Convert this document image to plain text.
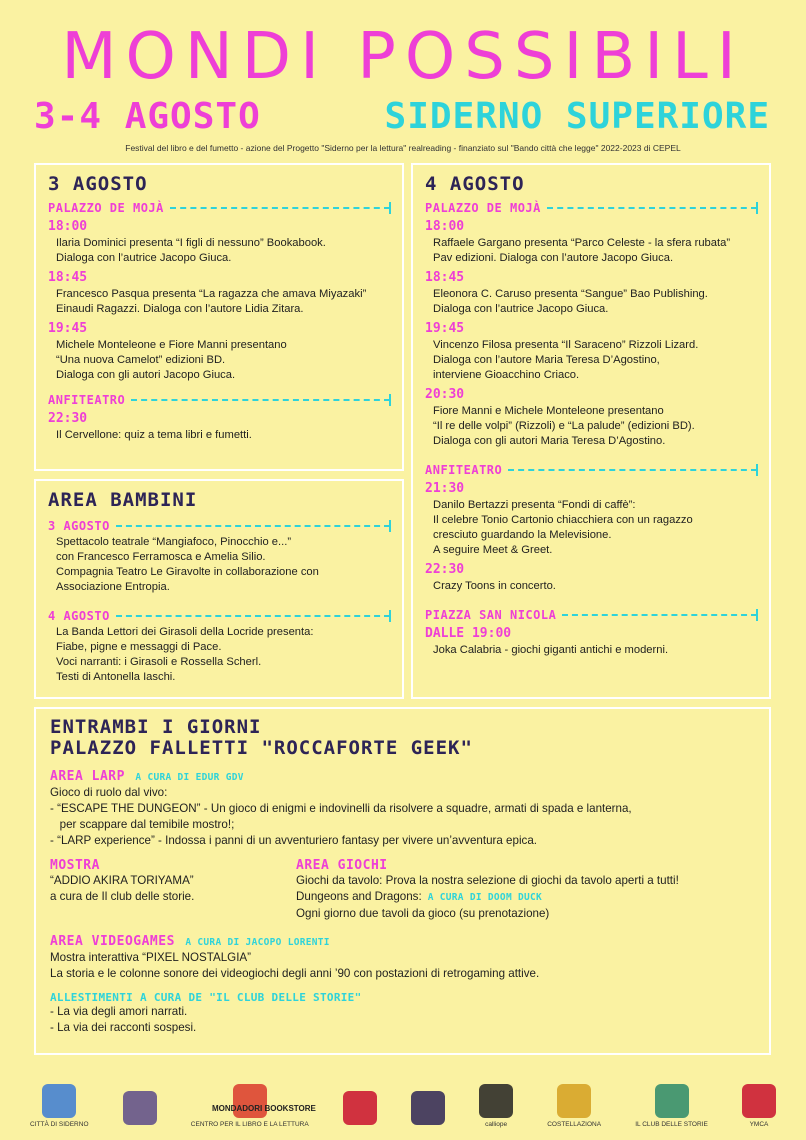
MONDI POSSIBILI
3-4 AGOSTO	SIDERNO SUPERIORE
Festival del libro e del fumetto - azione del Progetto "Siderno per la lettura" realreading - finanziato sul "Bando città che legge" 2022-2023 di CEPEL
3 AGOSTO
PALAZZO DE MOJÀ
18:00
Ilaria Dominici presenta “I figli di nessuno” Bookabook.
Dialoga con l’autrice Jacopo Giuca.
18:45
Francesco Pasqua presenta “La ragazza che amava Miyazaki”
Einaudi Ragazzi. Dialoga con l’autore Lidia Zitara.
19:45
Michele Monteleone e Fiore Manni presentano
“Una nuova Camelot” edizioni BD.
Dialoga con gli autori Jacopo Giuca.
ANFITEATRO
22:30
Il Cervellone: quiz a tema libri e fumetti.
AREA BAMBINI
3 AGOSTO
Spettacolo teatrale “Mangiafoco, Pinocchio e...”
con Francesco Ferramosca e Amelia Silio.
Compagnia Teatro Le Giravolte in collaborazione con
Associazione Entropia.
4 AGOSTO
La Banda Lettori dei Girasoli della Locride presenta:
Fiabe, pigne e messaggi di Pace.
Voci narranti: i Girasoli e Rossella Scherl.
Testi di Antonella Iaschi.
4 AGOSTO
PALAZZO DE MOJÀ
18:00
Raffaele Gargano presenta “Parco Celeste - la sfera rubata”
Pav edizioni. Dialoga con l’autore Jacopo Giuca.
18:45
Eleonora C. Caruso presenta “Sangue” Bao Publishing.
Dialoga con l’autrice Jacopo Giuca.
19:45
Vincenzo Filosa presenta “Il Saraceno” Rizzoli Lizard.
Dialoga con l’autore Maria Teresa D’Agostino,
interviene Gioacchino Criaco.
20:30
Fiore Manni e Michele Monteleone presentano
“Il re delle volpi” (Rizzoli) e “La palude” (edizioni BD).
Dialoga con gli autori Maria Teresa D’Agostino.
ANFITEATRO
21:30
Danilo Bertazzi presenta “Fondi di caffè”:
Il celebre Tonio Cartonio chiacchiera con un ragazzo
cresciuto guardando la Melevisione.
A seguire Meet & Greet.
22:30
Crazy Toons in concerto.
PIAZZA SAN NICOLA
DALLE 19:00
Joka Calabria - giochi giganti antichi e moderni.
ENTRAMBI I GIORNI
PALAZZO FALLETTI "ROCCAFORTE GEEK"
AREA LARP A CURA DI EDUR GDV
Gioco di ruolo dal vivo:
- “ESCAPE THE DUNGEON” - Un gioco di enigmi e indovinelli da risolvere a squadre, armati di spada e lanterna,
per scappare dal temibile mostro!;
- “LARP experience” - Indossa i panni di un avventuriero fantasy per vivere un’avventura epica.
MOSTRA
“ADDIO AKIRA TORIYAMA”
a cura de Il club delle storie.
AREA GIOCHI
Giochi da tavolo: Prova la nostra selezione di giochi da tavolo aperti a tutti!
Dungeons and Dragons: A CURA DI DOOM DUCK
Ogni giorno due tavoli da gioco (su prenotazione)
AREA VIDEOGAMES A CURA DI JACOPO LORENTI
Mostra interattiva “PIXEL NOSTALGIA”
La storia e le colonne sonore dei videogiochi degli anni ’90 con postazioni di retrogaming attive.
ALLESTIMENTI A CURA DE "IL CLUB DELLE STORIE"
- La via degli amori narrati.
- La via dei racconti sospesi.
CITTÀ DI SIDERNO	CENTRO PER IL LIBRO E LA LETTURA	calliope	COSTELLAZIONA	IL CLUB DELLE STORIE	YMCA
MONDADORI BOOKSTORE
